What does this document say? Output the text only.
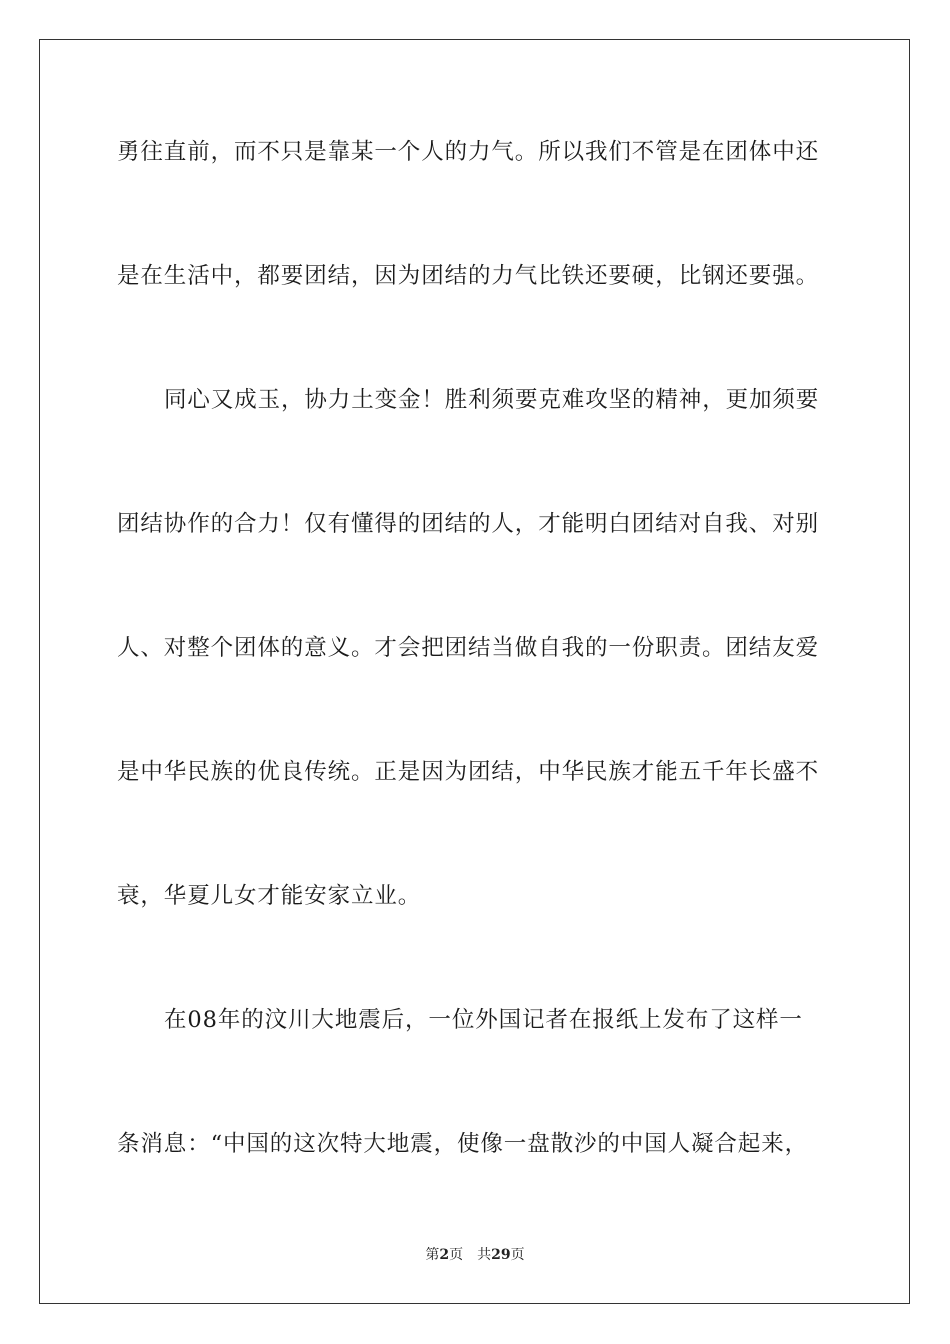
勇往直前，而不只是靠某一个人的力气。所以我们不管是在团体中还
是在生活中，都要团结，因为团结的力气比铁还要硬，比钢还要强。
同心又成玉，协力土变金！胜利须要克难攻坚的精神，更加须要
团结协作的合力！仅有懂得的团结的人，才能明白团结对自我、对别
人、对整个团体的意义。才会把团结当做自我的一份职责。团结友爱
是中华民族的优良传统。正是因为团结，中华民族才能五千年长盛不
衰，华夏儿女才能安家立业。
在08年的汶川大地震后，一位外国记者在报纸上发布了这样一
条消息：“中国的这次特大地震，使像一盘散沙的中国人凝合起来，
第2页 共29页
